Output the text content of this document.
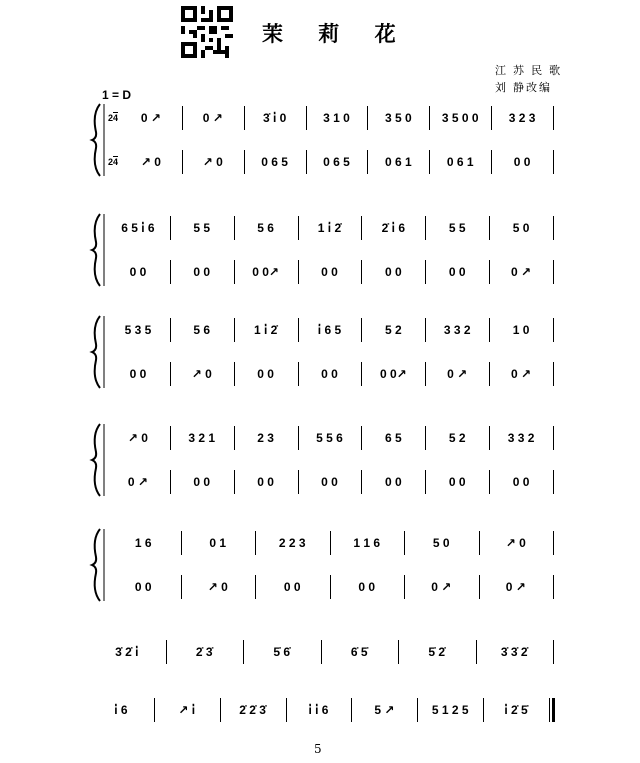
茉 莉 花
江 苏 民 歌
刘 静改编
1 = D
0 ↗	0 ↗	3̇ i̇ 0	3 1 0	3 5 0	3 5 0 0	3 2 3
↗ 0	↗ 0	0 6 5	0 6 5	0 6 1	0 6 1	0 0
24
24
6 5 i̇ 6	5 5	5 6	1 i̇ 2̇	2̇ i̇ 6	5 5	5 0
0 0	0 0	0 0↗	0 0	0 0	0 0	0 ↗
5 3 5	5 6	1 i̇ 2̇	i̇ 6 5	5 2	3 3 2	1 0
0 0	↗ 0	0 0	0 0	0 0↗	0 ↗	0 ↗
↗ 0	3 2 1	2 3	5 5 6	6 5	5 2	3 3 2
0 ↗	0 0	0 0	0 0	0 0	0 0	0 0
1 6	0 1	2 2 3	1 1 6	5 0	↗ 0
0 0	↗ 0	0 0	0 0	0 ↗	0 ↗
3̇ 2̇ i̇	2̇ 3̇	5̇ 6̇	6̇ 5̇	5̇ 2̇	3̇ 3̇ 2̇
i̇ 6	↗ i̇	2̇ 2̇ 3̇	i̇ i̇ 6	5 ↗	5 1 2 5	i̇ 2̇ 5̇
5
